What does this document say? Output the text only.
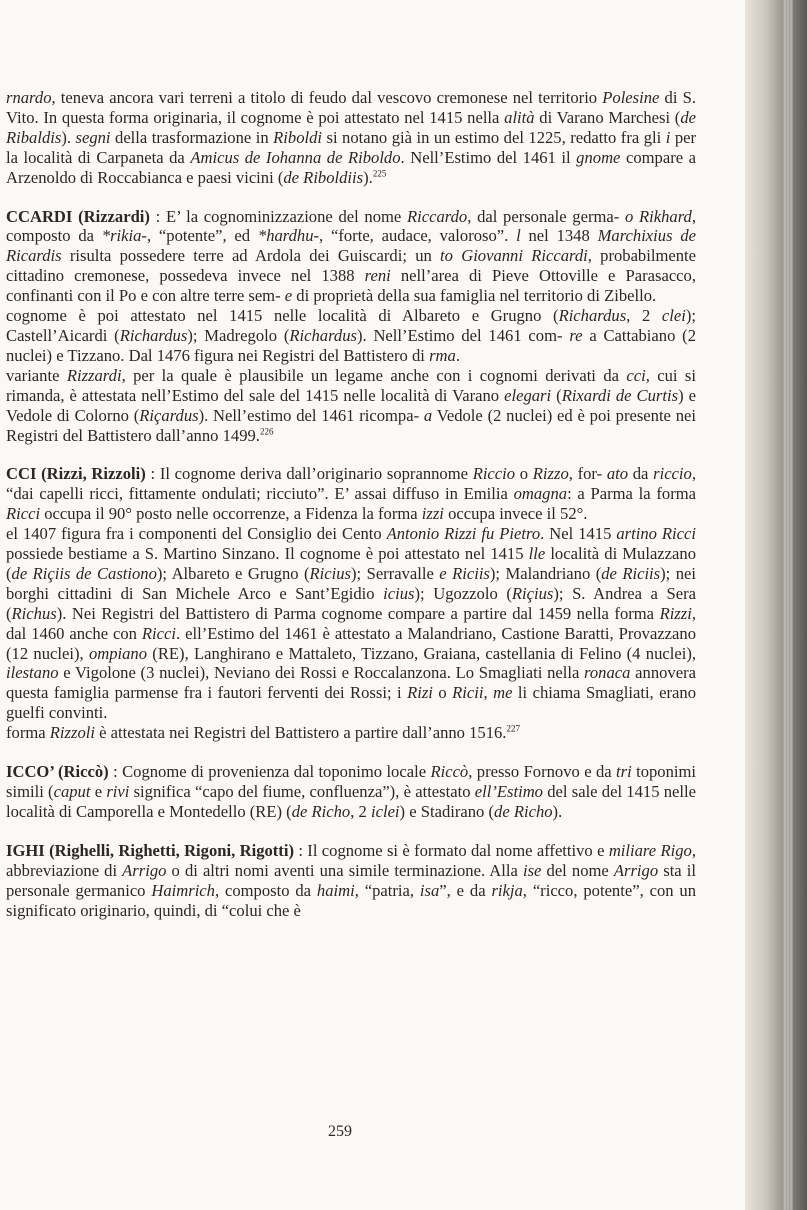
rnardo, teneva ancora vari terreni a titolo di feudo dal vescovo cremonese nel territorio Polesine di S. Vito. In questa forma originaria, il cognome è poi attestato nel 1415 nella alità di Varano Marchesi (de Ribaldis). segni della trasformazione in Riboldi si notano già in un estimo del 1225, redatto fra gli i per la località di Carpaneta da Amicus de Iohanna de Riboldo. Nell’Estimo del 1461 il gnome compare a Arzenoldo di Roccabianca e paesi vicini (de Riboldiis).$^{225}$

CCARDI (Rizzardi) : E’ la cognominizzazione del nome Riccardo, dal personale germa- o Rikhard, composto da *rikia-, “potente”, ed *hardhu-, “forte, audace, valoroso”. l nel 1348 Marchixius de Ricardis risulta possedere terre ad Ardola dei Guiscardi; un to Giovanni Riccardi, probabilmente cittadino cremonese, possedeva invece nel 1388 reni nell’area di Pieve Ottoville e Parasacco, confinanti con il Po e con altre terre sem- e di proprietà della sua famiglia nel territorio di Zibello.

cognome è poi attestato nel 1415 nelle località di Albareto e Grugno (Richardus, 2 clei); Castell’Aicardi (Richardus); Madregolo (Richardus). Nell’Estimo del 1461 com- re a Cattabiano (2 nuclei) e Tizzano. Dal 1476 figura nei Registri del Battistero di rma.

variante Rizzardi, per la quale è plausibile un legame anche con i cognomi derivati da cci, cui si rimanda, è attestata nell’Estimo del sale del 1415 nelle località di Varano elegari (Rixardi de Curtis) e Vedole di Colorno (Riçardus). Nell’estimo del 1461 ricompa- a Vedole (2 nuclei) ed è poi presente nei Registri del Battistero dall’anno 1499.$^{226}$

CCI (Rizzi, Rizzoli) : Il cognome deriva dall’originario soprannome Riccio o Rizzo, for- ato da riccio, “dai capelli ricci, fittamente ondulati; ricciuto”. E’ assai diffuso in Emilia omagna: a Parma la forma Ricci occupa il 90° posto nelle occorrenze, a Fidenza la forma izzi occupa invece il 52°.

el 1407 figura fra i componenti del Consiglio dei Cento Antonio Rizzi fu Pietro. Nel 1415 artino Ricci possiede bestiame a S. Martino Sinzano. Il cognome è poi attestato nel 1415 lle località di Mulazzano (de Riçiis de Castiono); Albareto e Grugno (Ricius); Serravalle e Riciis); Malandriano (de Riciis); nei borghi cittadini di San Michele Arco e Sant’Egidio icius); Ugozzolo (Riçius); S. Andrea a Sera (Richus). Nei Registri del Battistero di Parma cognome compare a partire dal 1459 nella forma Rizzi, dal 1460 anche con Ricci. ell’Estimo del 1461 è attestato a Malandriano, Castione Baratti, Provazzano (12 nuclei), ompiano (RE), Langhirano e Mattaleto, Tizzano, Graiana, castellania di Felino (4 nuclei), ilestano e Vigolone (3 nuclei), Neviano dei Rossi e Roccalanzona. Lo Smagliati nella ronaca annovera questa famiglia parmense fra i fautori ferventi dei Rossi; i Rizi o Ricii, me li chiama Smagliati, erano guelfi convinti.

forma Rizzoli è attestata nei Registri del Battistero a partire dall’anno 1516.$^{227}$

ICCO’ (Riccò) : Cognome di provenienza dal toponimo locale Riccò, presso Fornovo e da tri toponimi simili (caput e rivi significa “capo del fiume, confluenza”), è attestato ell’Estimo del sale del 1415 nelle località di Camporella e Montedello (RE) (de Richo, 2 iclei) e Stadirano (de Richo).

IGHI (Righelli, Righetti, Rigoni, Rigotti) : Il cognome si è formato dal nome affettivo e miliare Rigo, abbreviazione di Arrigo o di altri nomi aventi una simile terminazione. Alla ise del nome Arrigo sta il personale germanico Haimrich, composto da haimi, “patria, isa”, e da rikja, “ricco, potente”, con un significato originario, quindi, di “colui che è

259
